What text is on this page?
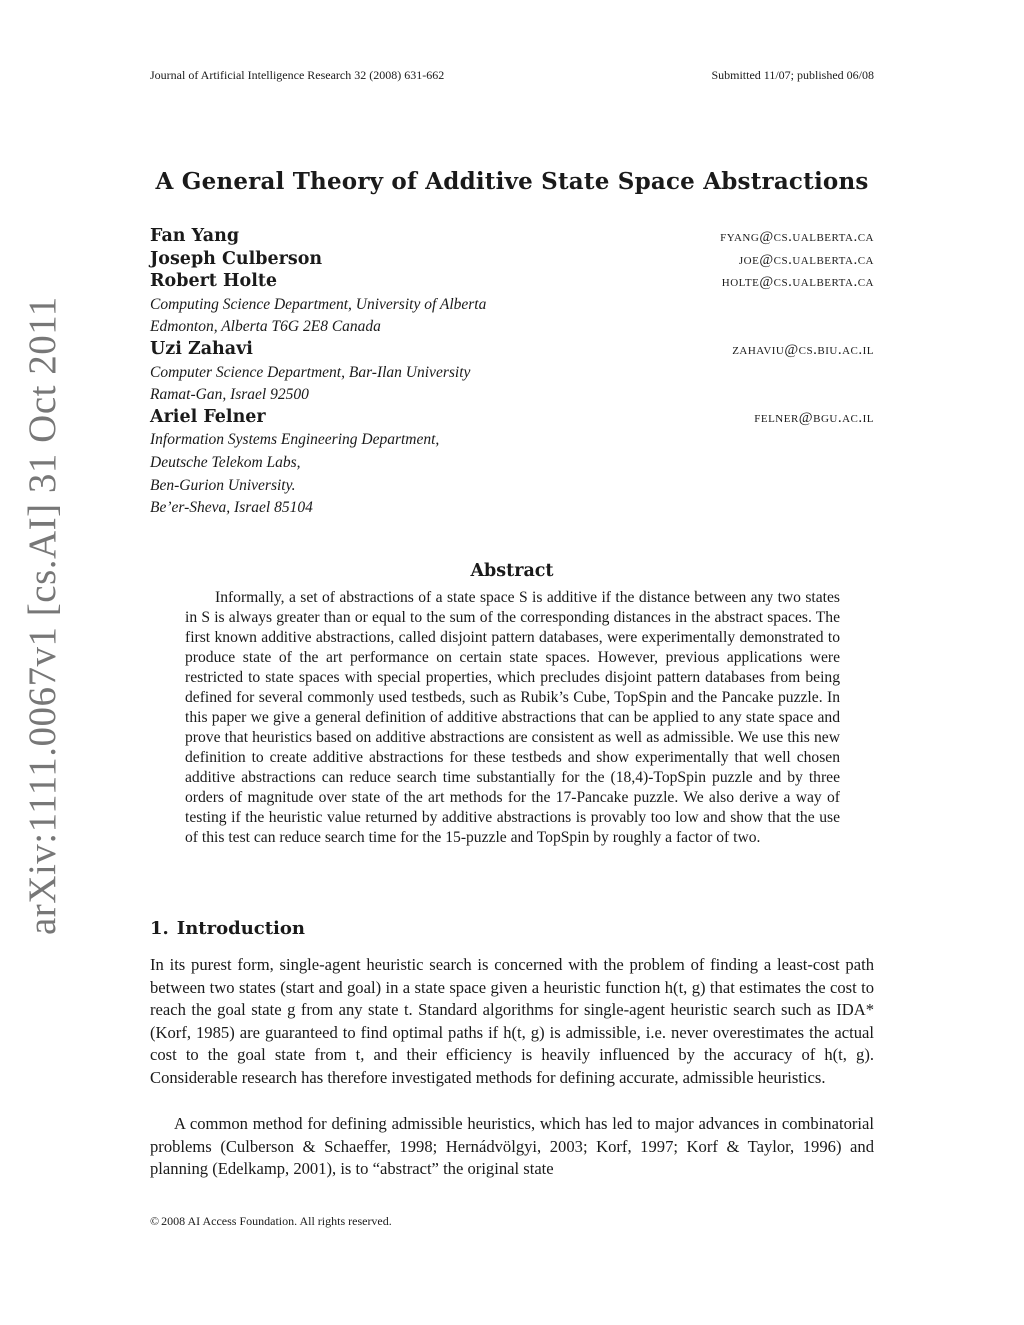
Journal of Artificial Intelligence Research 32 (2008) 631-662	Submitted 11/07; published 06/08
arXiv:1111.0067v1 [cs.AI] 31 Oct 2011
A General Theory of Additive State Space Abstractions
Fan Yang	fyang@cs.ualberta.ca
Joseph Culberson	joe@cs.ualberta.ca
Robert Holte	holte@cs.ualberta.ca
Computing Science Department, University of Alberta
Edmonton, Alberta T6G 2E8 Canada
Uzi Zahavi	zahaviu@cs.biu.ac.il
Computer Science Department, Bar-Ilan University
Ramat-Gan, Israel 92500
Ariel Felner	felner@bgu.ac.il
Information Systems Engineering Department,
Deutsche Telekom Labs,
Ben-Gurion University.
Be’er-Sheva, Israel 85104
Abstract
Informally, a set of abstractions of a state space S is additive if the distance between any two states in S is always greater than or equal to the sum of the corresponding distances in the abstract spaces. The first known additive abstractions, called disjoint pattern databases, were experimentally demonstrated to produce state of the art performance on certain state spaces. However, previous applications were restricted to state spaces with special properties, which precludes disjoint pattern databases from being defined for several commonly used testbeds, such as Rubik’s Cube, TopSpin and the Pancake puzzle. In this paper we give a general definition of additive abstractions that can be applied to any state space and prove that heuristics based on additive abstractions are consistent as well as admissible. We use this new definition to create additive abstractions for these testbeds and show experimentally that well chosen additive abstractions can reduce search time substantially for the (18,4)-TopSpin puzzle and by three orders of magnitude over state of the art methods for the 17-Pancake puzzle. We also derive a way of testing if the heuristic value returned by additive abstractions is provably too low and show that the use of this test can reduce search time for the 15-puzzle and TopSpin by roughly a factor of two.
1. Introduction
In its purest form, single-agent heuristic search is concerned with the problem of finding a least-cost path between two states (start and goal) in a state space given a heuristic function h(t, g) that estimates the cost to reach the goal state g from any state t. Standard algorithms for single-agent heuristic search such as IDA* (Korf, 1985) are guaranteed to find optimal paths if h(t, g) is admissible, i.e. never overestimates the actual cost to the goal state from t, and their efficiency is heavily influenced by the accuracy of h(t, g). Considerable research has therefore investigated methods for defining accurate, admissible heuristics.
A common method for defining admissible heuristics, which has led to major advances in combinatorial problems (Culberson & Schaeffer, 1998; Hernádvölgyi, 2003; Korf, 1997; Korf & Taylor, 1996) and planning (Edelkamp, 2001), is to “abstract” the original state
© 2008 AI Access Foundation. All rights reserved.
